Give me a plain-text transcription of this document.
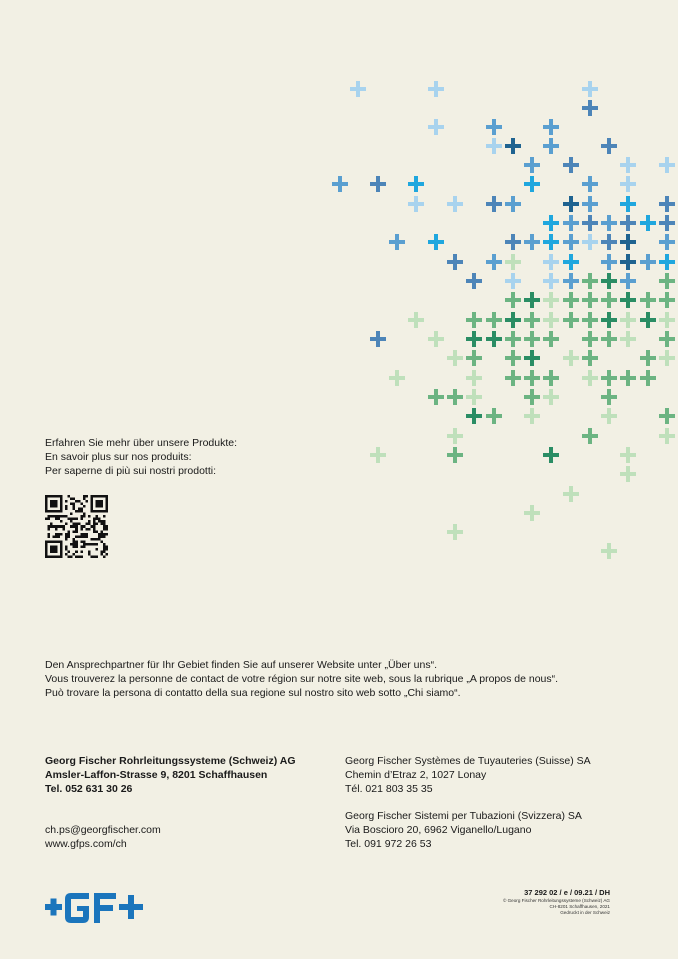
Erfahren Sie mehr über unsere Produkte:
En savoir plus sur nos produits:
Per saperne di più sui nostri prodotti:
Den Ansprechpartner für Ihr Gebiet finden Sie auf unserer Website unter „Über uns“.
Vous trouverez la personne de contact de votre région sur notre site web, sous la rubrique „A propos de nous“.
Può trovare la persona di contatto della sua regione sul nostro sito web sotto „Chi siamo“.
Georg Fischer Rohrleitungssysteme (Schweiz) AG
Amsler-Laffon-Strasse 9, 8201 Schaffhausen
Tel. 052 631 30 26
ch.ps@georgfischer.com
www.gfps.com/ch
Georg Fischer Systèmes de Tuyauteries (Suisse) SA
Chemin d’Etraz 2, 1027 Lonay
Tél. 021 803 35 35
Georg Fischer Sistemi per Tubazioni (Svizzera) SA
Via Boscioro 20, 6962 Viganello/Lugano
Tel. 091 972 26 53
37 292 02 / e / 09.21 / DH
© Georg Fischer Rohrleitungssysteme (Schweiz) AG
CH-8201 Schaffhausen, 2021
Gedruckt in der Schweiz
